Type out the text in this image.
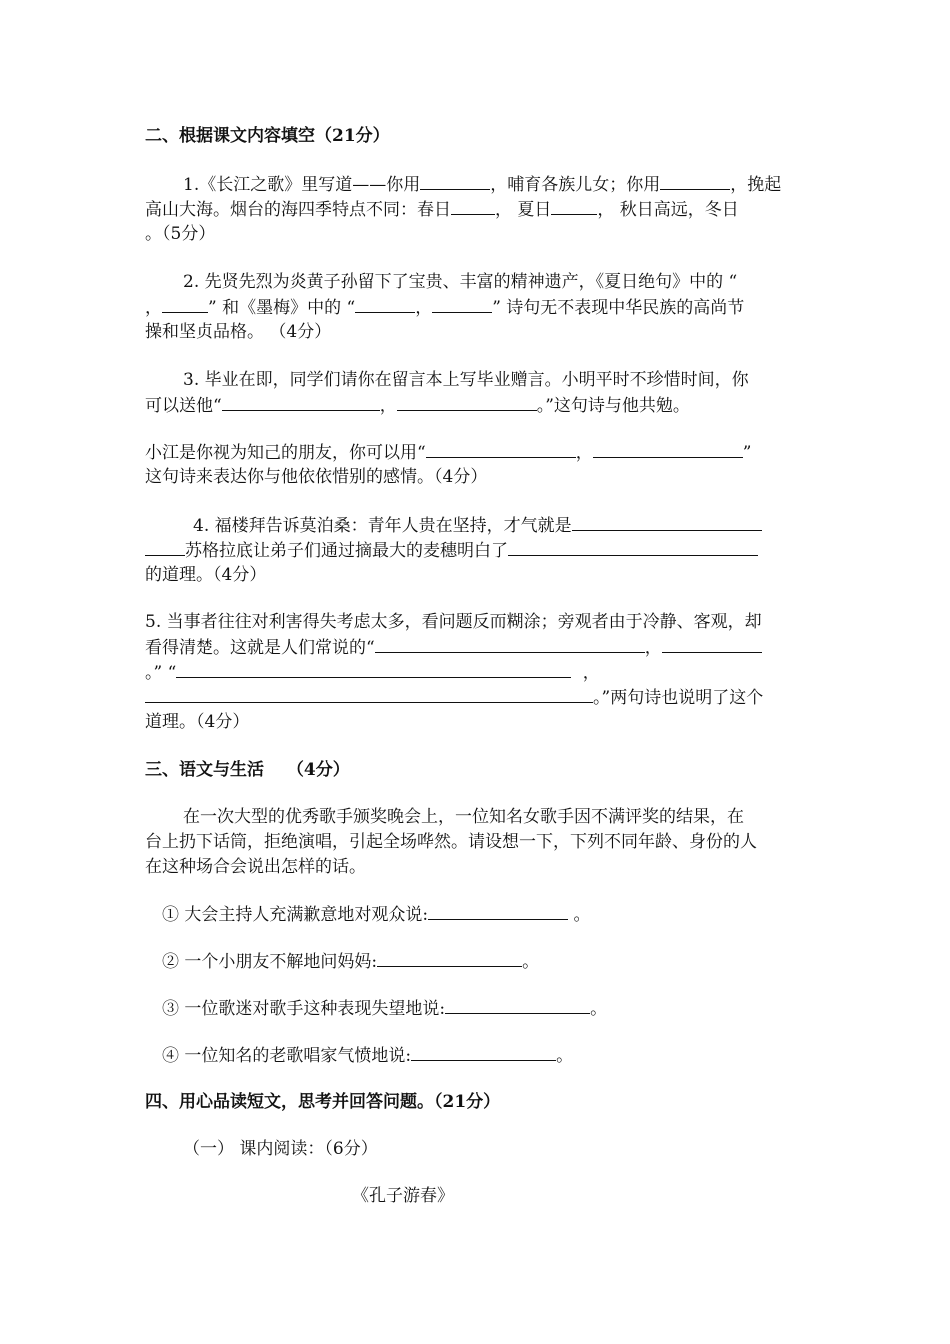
二、根据课文内容填空（21分）
1.《长江之歌》里写道——你用	，哺育各族儿女；你用	，挽起
高山大海。烟台的海四季特点不同：春日	， 夏日	， 秋日高远，冬日
。（5分）
2. 先贤先烈为炎黄子孙留下了宝贵、丰富的精神遗产，《夏日绝句》中的 “
，	” 和《墨梅》中的 “	，	” 诗句无不表现中华民族的高尚节
操和坚贞品格。 （4分）
3. 毕业在即，同学们请你在留言本上写毕业赠言。小明平时不珍惜时间，你
可以送他“	，	。”这句诗与他共勉。
小江是你视为知己的朋友，你可以用“	，	”
这句诗来表达你与他依依惜别的感情。（4分）
4. 福楼拜告诉莫泊桑：青年人贵在坚持，才气就是
苏格拉底让弟子们通过摘最大的麦穗明白了
的道理。（4分）
5. 当事者往往对利害得失考虑太多，看问题反而糊涂；旁观者由于冷静、客观，却
看得清楚。这就是人们常说的“	，
。” “	，
。”两句诗也说明了这个
道理。（4分）
三、语文与生活　 （4分）
在一次大型的优秀歌手颁奖晚会上，一位知名女歌手因不满评奖的结果，在
台上扔下话筒，拒绝演唱，引起全场哗然。请设想一下，下列不同年龄、身份的人
在这种场合会说出怎样的话。
① 大会主持人充满歉意地对观众说:	。
② 一个小朋友不解地问妈妈:	。
③ 一位歌迷对歌手这种表现失望地说:	。
④ 一位知名的老歌唱家气愤地说:	。
四、用心品读短文，思考并回答问题。（21分）
（一） 课内阅读：（6分）
《孔子游春》
